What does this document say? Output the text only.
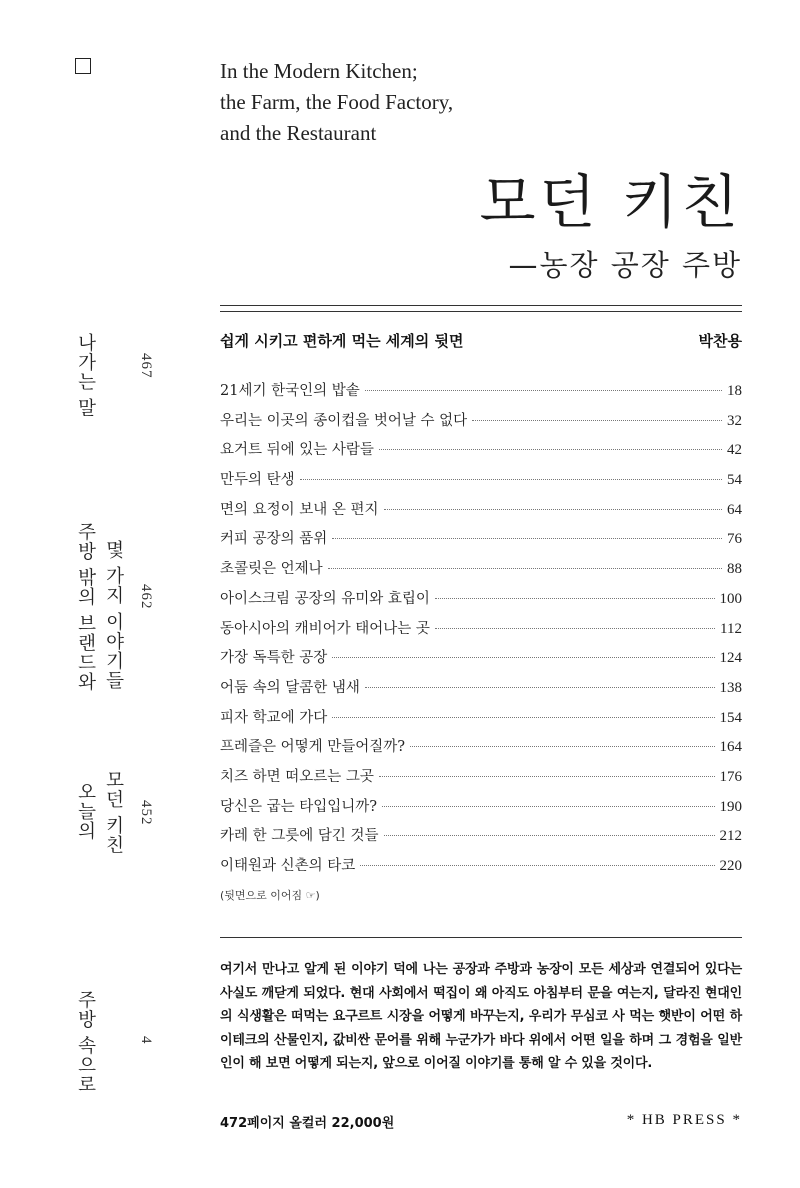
In the Modern Kitchen;
the Farm, the Food Factory,
and the Restaurant
모던 키친
—농장 공장 주방
쉽게 시키고 편하게 먹는 세계의 뒷면	박찬용
21세기 한국인의 밥솥	18
우리는 이곳의 종이컵을 벗어날 수 없다	32
요거트 뒤에 있는 사람들	42
만두의 탄생	54
면의 요정이 보내 온 편지	64
커피 공장의 품위	76
초콜릿은 언제나	88
아이스크림 공장의 유미와 효립이	100
동아시아의 캐비어가 태어나는 곳	112
가장 독특한 공장	124
어둠 속의 달콤한 냄새	138
피자 학교에 가다	154
프레즐은 어떻게 만들어질까?	164
치즈 하면 떠오르는 그곳	176
당신은 굽는 타입입니까?	190
카레 한 그릇에 담긴 것들	212
이태원과 신촌의 타코	220
(뒷면으로 이어짐 ☞)
여기서 만나고 알게 된 이야기 덕에 나는 공장과 주방과 농장이 모든 세상과 연결되어 있다는 사실도 깨닫게 되었다. 현대 사회에서 떡집이 왜 아직도 아침부터 문을 여는지, 달라진 현대인의 식생활은 떠먹는 요구르트 시장을 어떻게 바꾸는지, 우리가 무심코 사 먹는 햇반이 어떤 하이테크의 산물인지, 값비싼 문어를 위해 누군가가 바다 위에서 어떤 일을 하며 그 경험을 일반인이 해 보면 어떻게 되는지, 앞으로 이어질 이야기를 통해 알 수 있을 것이다.
472페이지 올컬러 22,000원	* HB PRESS *
나가는 말	467
주방 밖의 브랜드와 몇 가지 이야기들 462
오늘의 모던 키친 452
주방 속으로	4
